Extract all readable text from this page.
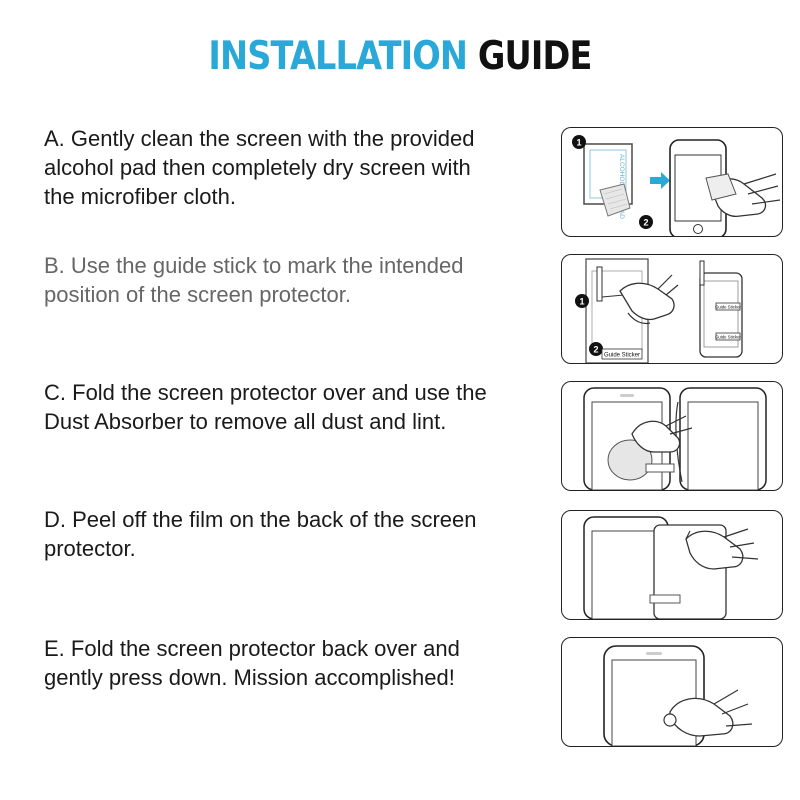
INSTALLATION GUIDE
A. Gently clean the screen with the provided alcohol pad then completely dry screen with the microfiber cloth.
B. Use the guide stick to mark the intended position of the screen protector.
C. Fold the screen protector over and use the Dust Absorber to remove all dust and lint.
D. Peel off the film on the back of the screen protector.
E. Fold the screen protector back over and gently press down. Mission accomplished!
1
2
1
2
Guide Sticker
Guide Sticker
Guide Sticker
